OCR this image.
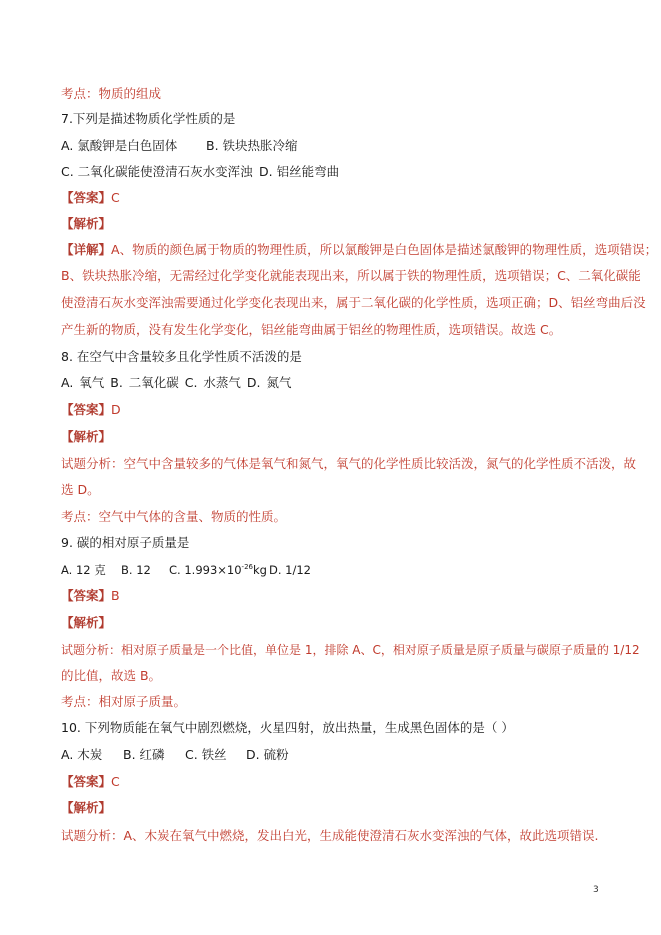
考点：物质的组成
7.下列是描述物质化学性质的是
A. 氯酸钾是白色固体 B. 铁块热胀冷缩
C. 二氧化碳能使澄清石灰水变浑浊 D. 铝丝能弯曲
【答案】C
【解析】
【详解】A、物质的颜色属于物质的物理性质，所以氯酸钾是白色固体是描述氯酸钾的物理性质，选项错误；
B、铁块热胀冷缩，无需经过化学变化就能表现出来，所以属于铁的物理性质，选项错误；C、二氧化碳能
使澄清石灰水变浑浊需要通过化学变化表现出来，属于二氧化碳的化学性质，选项正确；D、铝丝弯曲后没
产生新的物质，没有发生化学变化，铝丝能弯曲属于铝丝的物理性质，选项错误。故选 C。
8. 在空气中含量较多且化学性质不活泼的是
A. 氧气 B. 二氧化碳 C. 水蒸气 D. 氮气
【答案】D
【解析】
试题分析：空气中含量较多的气体是氧气和氮气，氧气的化学性质比较活泼，氮气的化学性质不活泼，故
选 D。
考点：空气中气体的含量、物质的性质。
9. 碳的相对原子质量是
A. 12 克 B. 12 C. $1.993\times 10^{-26}kg$ D. 1/12
【答案】B
【解析】
试题分析：相对原子质量是一个比值，单位是 1，排除 A、C，相对原子质量是原子质量与碳原子质量的 1/12
的比值，故选 B。
考点：相对原子质量。
10. 下列物质能在氧气中剧烈燃烧，火星四射，放出热量，生成黑色固体的是（ ）
A. 木炭 B. 红磷 C. 铁丝 D. 硫粉
【答案】C
【解析】
试题分析：A、木炭在氧气中燃烧，发出白光，生成能使澄清石灰水变浑浊的气体，故此选项错误.
3
